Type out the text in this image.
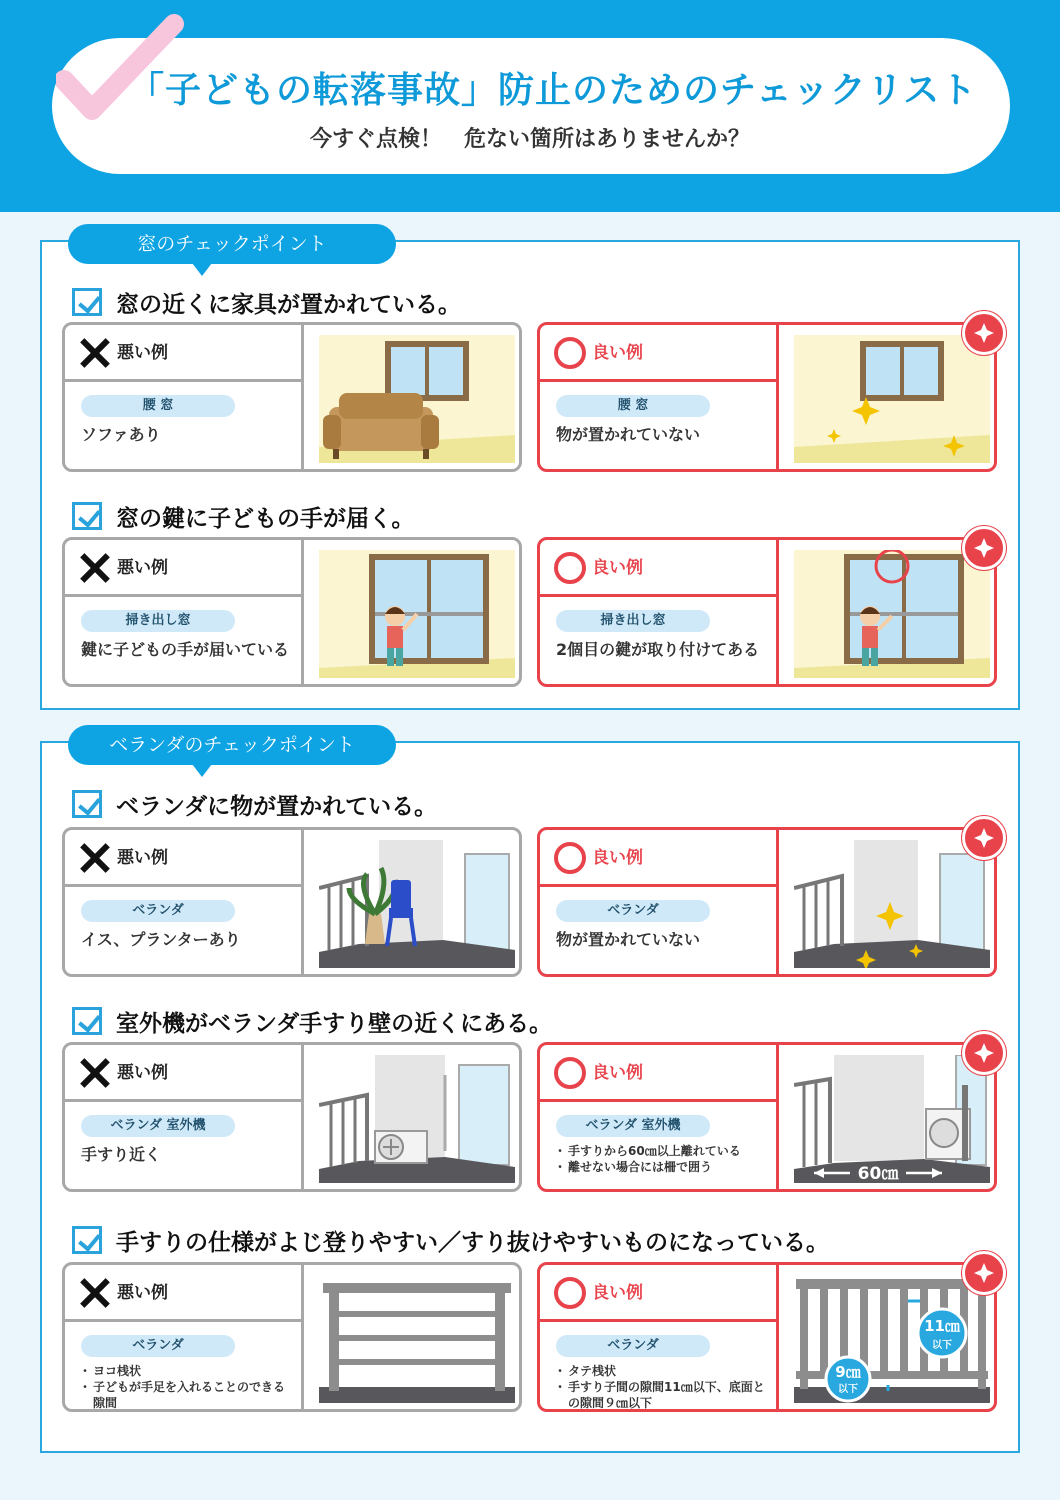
「子どもの転落事故」防止のためのチェックリスト
今すぐ点検！　危ない箇所はありませんか？
窓のチェックポイント
窓の近くに家具が置かれている。
悪い例
腰 窓
ソファあり
良い例
腰 窓
物が置かれていない
窓の鍵に子どもの手が届く。
悪い例
掃き出し窓
鍵に子どもの手が届いている
良い例
掃き出し窓
2個目の鍵が取り付けてある
ベランダのチェックポイント
ベランダに物が置かれている。
悪い例
ベランダ
イス、プランターあり
良い例
ベランダ
物が置かれていない
室外機がベランダ手すり壁の近くにある。
悪い例
ベランダ 室外機
手すり近く
良い例
ベランダ 室外機
・ 手すりから60㎝以上離れている
・ 離せない場合には柵で囲う	60㎝
手すりの仕様がよじ登りやすい／すり抜けやすいものになっている。
悪い例
ベランダ
・ ヨコ桟状
・ 子どもが手足を入れることのできる隙間
良い例
ベランダ
・ タテ桟状
・ 手すり子間の隙間11㎝以下、底面との隙間９㎝以下
11㎝
以下
9㎝
以下
